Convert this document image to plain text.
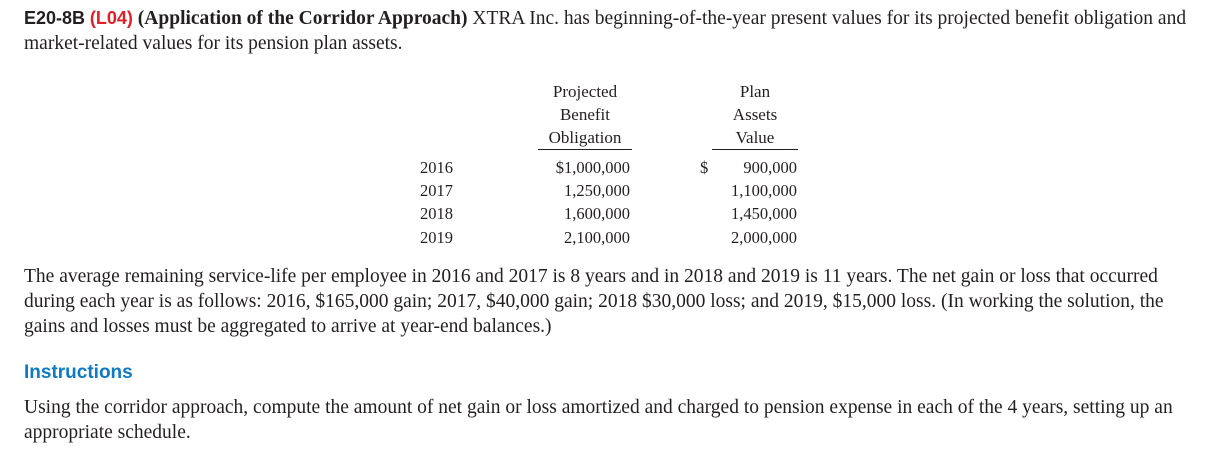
E20-8B (L04) (Application of the Corridor Approach) XTRA Inc. has beginning-of-the-year present values for its projected benefit obligation and market-related values for its pension plan assets.

Projected
Benefit
Obligation
Plan
Assets
Value
2016	$1,000,000	$ 900,000
2017	1,250,000	1,100,000
2018	1,600,000	1,450,000
2019	2,100,000	2,000,000

The average remaining service-life per employee in 2016 and 2017 is 8 years and in 2018 and 2019 is 11 years. The net gain or loss that occurred during each year is as follows: 2016, $165,000 gain; 2017, $40,000 gain; 2018 $30,000 loss; and 2019, $15,000 loss. (In working the solution, the gains and losses must be aggregated to arrive at year-end balances.)

Instructions

Using the corridor approach, compute the amount of net gain or loss amortized and charged to pension expense in each of the 4 years, setting up an appropriate schedule.
